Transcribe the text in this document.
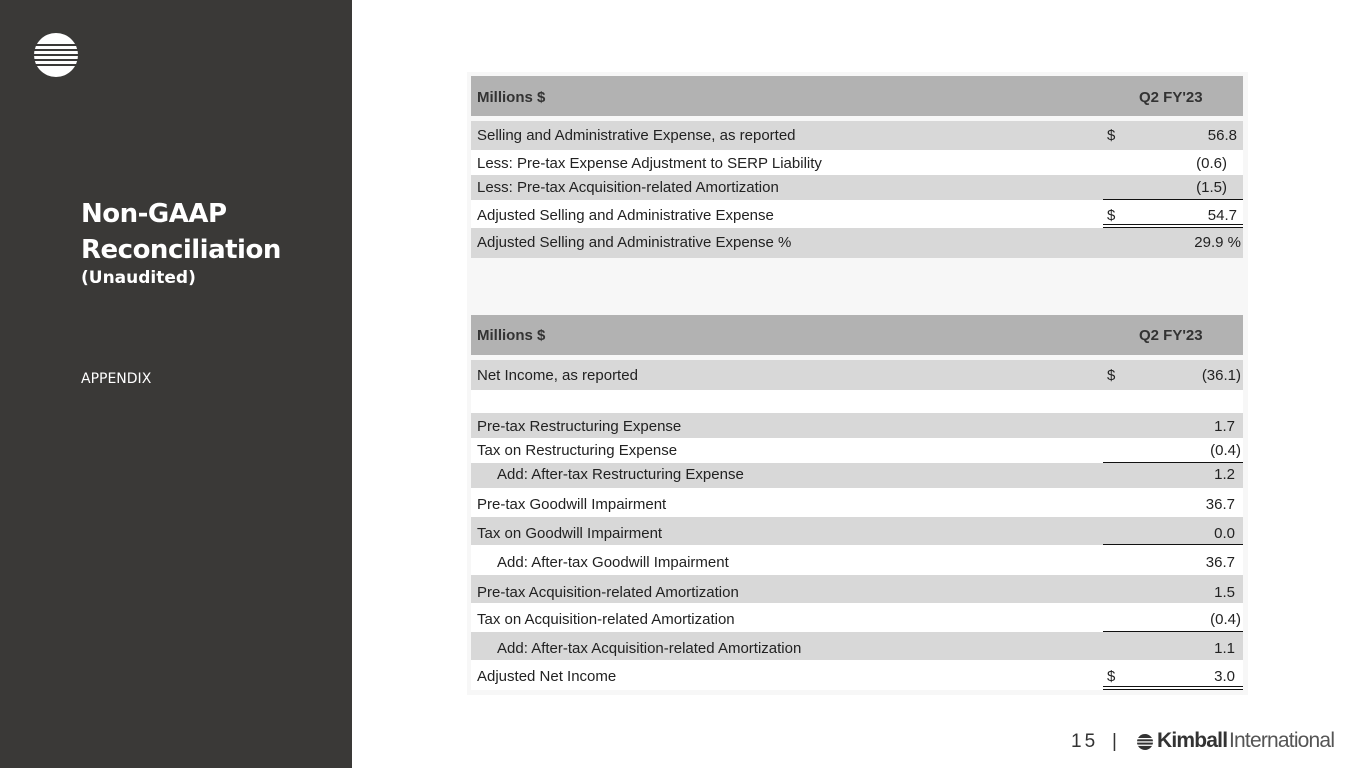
Non-GAAP
Reconciliation
(Unaudited)
APPENDIX
Millions $	Q2 FY'23
Selling and Administrative Expense, as reported	$	56.8
Less: Pre-tax Expense Adjustment to SERP Liability	(0.6)
Less: Pre-tax Acquisition-related Amortization	(1.5)
Adjusted Selling and Administrative Expense	$	54.7
Adjusted Selling and Administrative Expense %	29.9 %
Millions $	Q2 FY'23
Net Income, as reported	$	(36.1)
Pre-tax Restructuring Expense	1.7
Tax on Restructuring Expense	(0.4)
Add: After-tax Restructuring Expense	1.2
Pre-tax Goodwill Impairment	36.7
Tax on Goodwill Impairment	0.0
Add: After-tax Goodwill Impairment	36.7
Pre-tax Acquisition-related Amortization	1.5
Tax on Acquisition-related Amortization	(0.4)
Add: After-tax Acquisition-related Amortization	1.1
Adjusted Net Income	$	3.0
15 | Kimball International
